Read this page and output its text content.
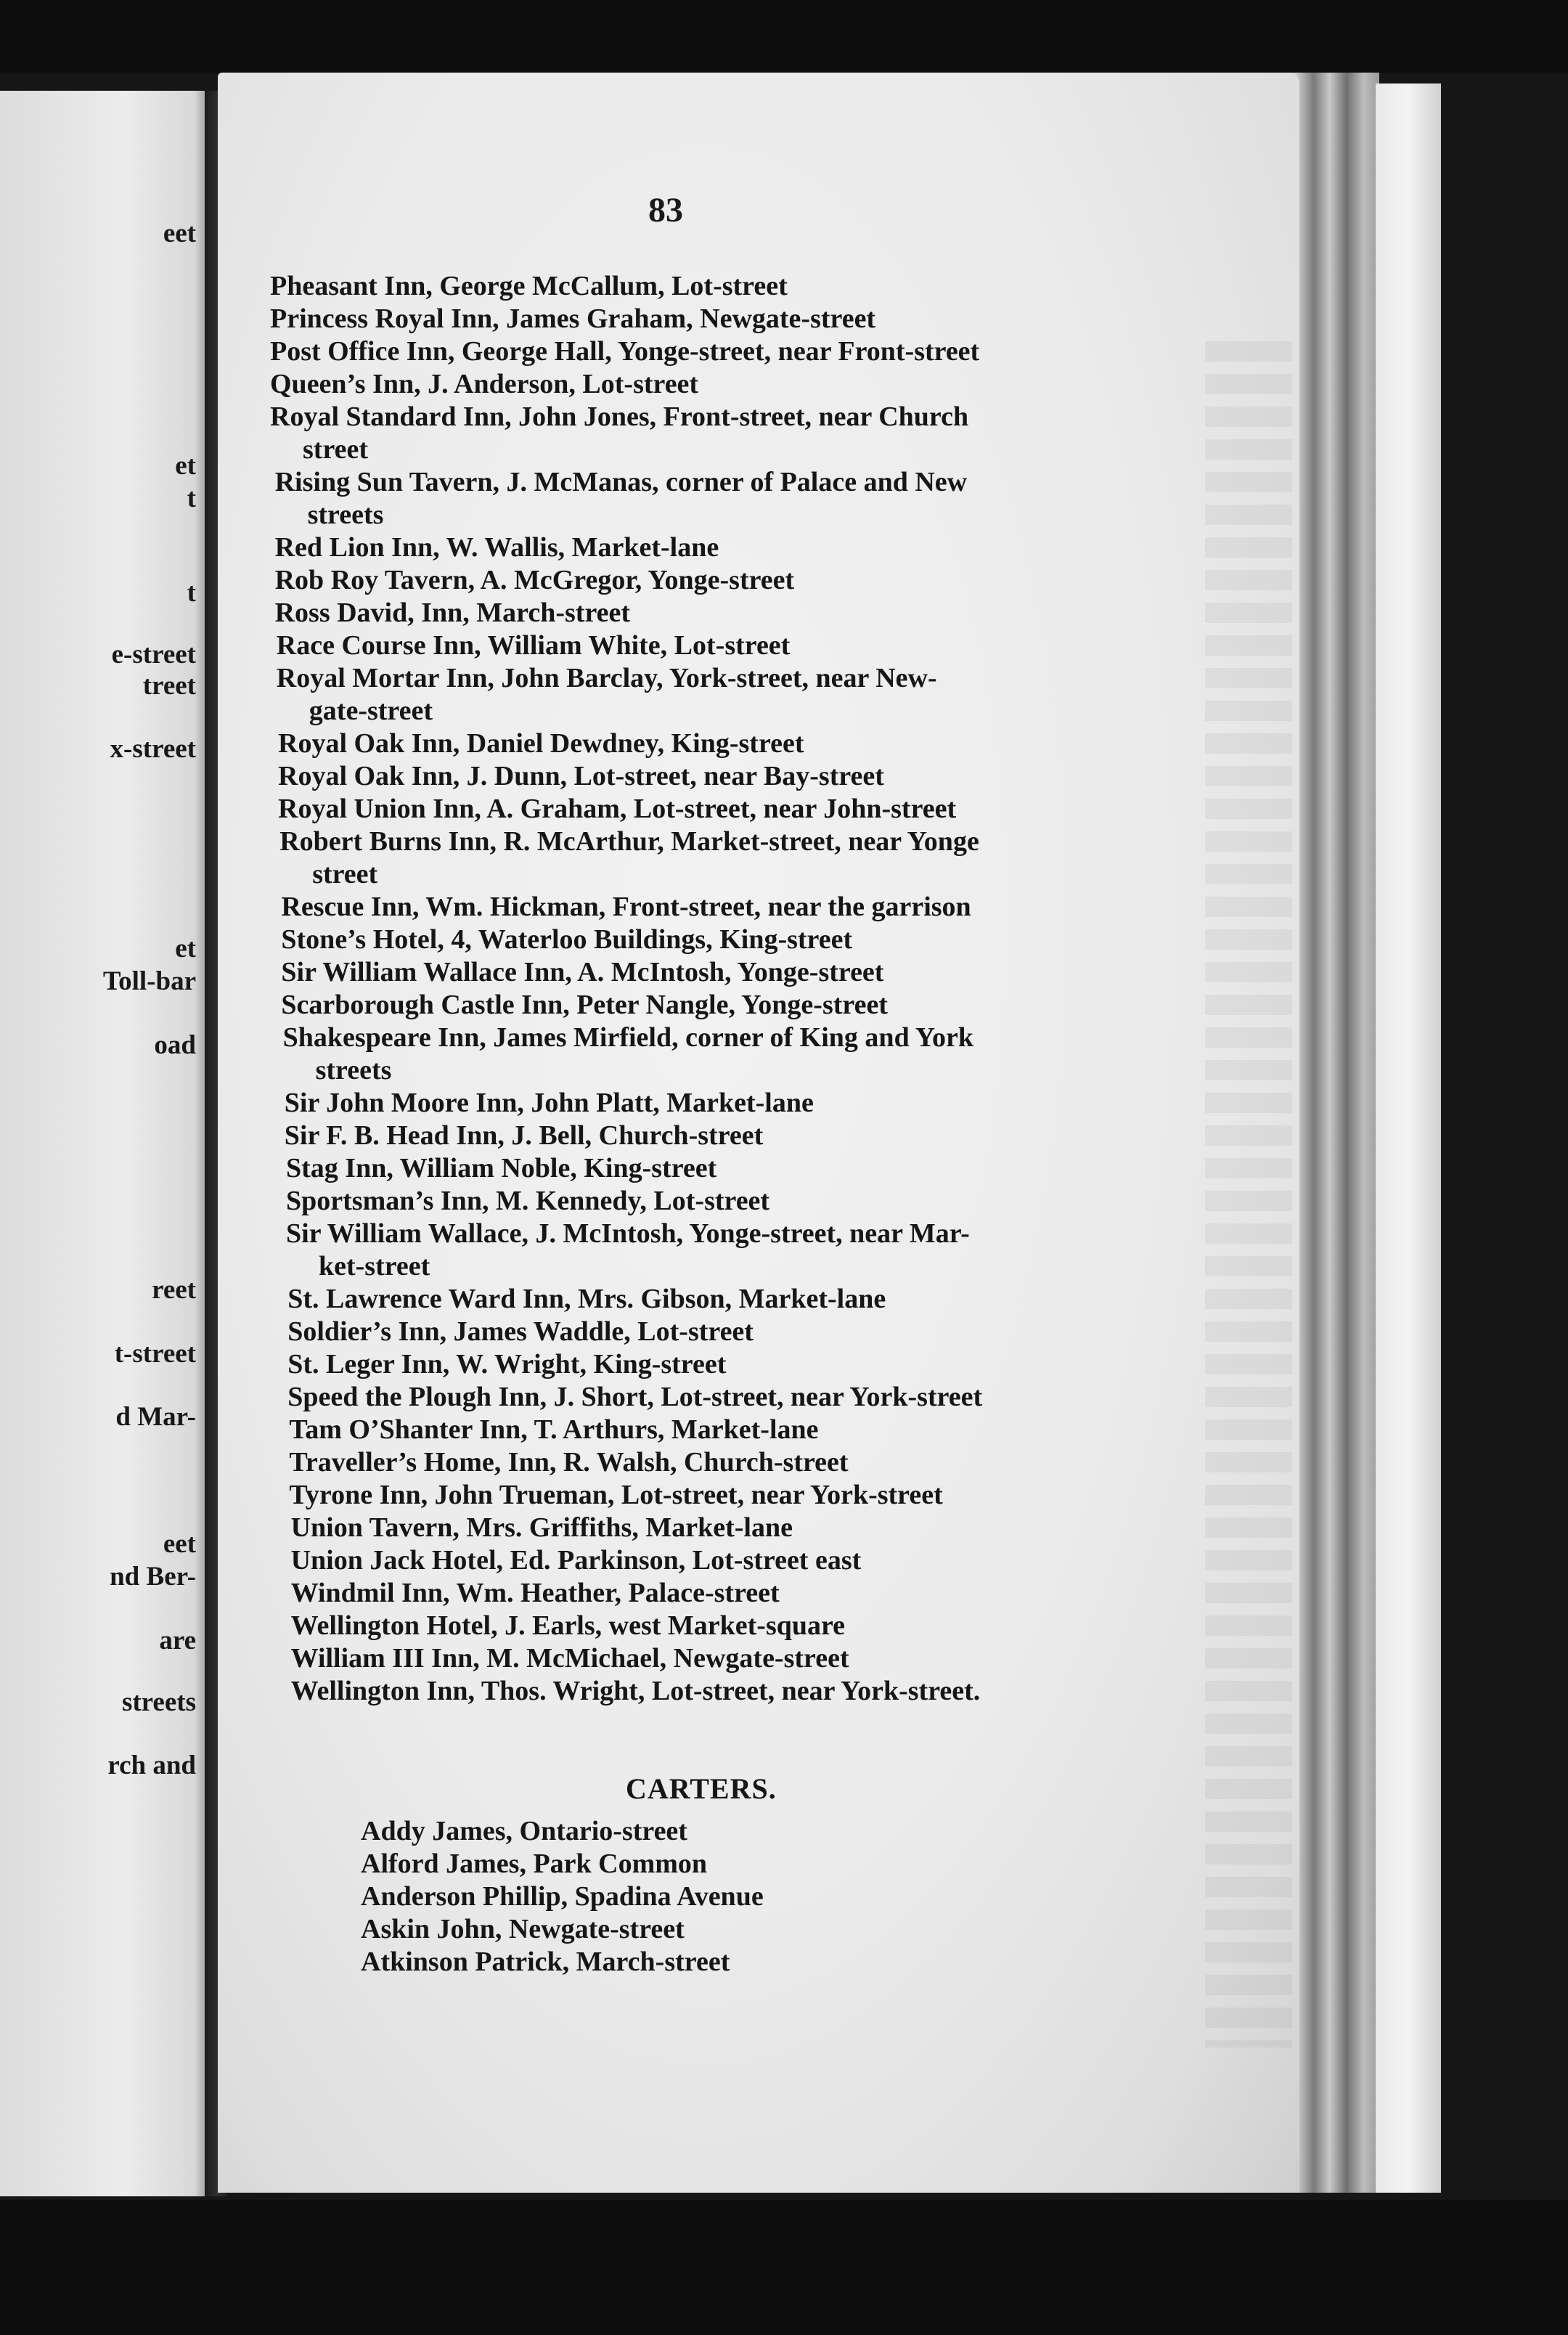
eet
et
t
t
e-street
treet
x-street
et
Toll-bar
oad
reet
t-street
d Mar-
eet
nd Ber-
are
streets
rch and
83
Pheasant Inn, George McCallum, Lot-street
Princess Royal Inn, James Graham, Newgate-street
Post Office Inn, George Hall, Yonge-street, near Front-street
Queen’s Inn, J. Anderson, Lot-street
Royal Standard Inn, John Jones, Front-street, near Church
street
Rising Sun Tavern, J. McManas, corner of Palace and New
streets
Red Lion Inn, W. Wallis, Market-lane
Rob Roy Tavern, A. McGregor, Yonge-street
Ross David, Inn, March-street
Race Course Inn, William White, Lot-street
Royal Mortar Inn, John Barclay, York-street, near New-
gate-street
Royal Oak Inn, Daniel Dewdney, King-street
Royal Oak Inn, J. Dunn, Lot-street, near Bay-street
Royal Union Inn, A. Graham, Lot-street, near John-street
Robert Burns Inn, R. McArthur, Market-street, near Yonge
street
Rescue Inn, Wm. Hickman, Front-street, near the garrison
Stone’s Hotel, 4, Waterloo Buildings, King-street
Sir William Wallace Inn, A. McIntosh, Yonge-street
Scarborough Castle Inn, Peter Nangle, Yonge-street
Shakespeare Inn, James Mirfield, corner of King and York
streets
Sir John Moore Inn, John Platt, Market-lane
Sir F. B. Head Inn, J. Bell, Church-street
Stag Inn, William Noble, King-street
Sportsman’s Inn, M. Kennedy, Lot-street
Sir William Wallace, J. McIntosh, Yonge-street, near Mar-
ket-street
St. Lawrence Ward Inn, Mrs. Gibson, Market-lane
Soldier’s Inn, James Waddle, Lot-street
St. Leger Inn, W. Wright, King-street
Speed the Plough Inn, J. Short, Lot-street, near York-street
Tam O’Shanter Inn, T. Arthurs, Market-lane
Traveller’s Home, Inn, R. Walsh, Church-street
Tyrone Inn, John Trueman, Lot-street, near York-street
Union Tavern, Mrs. Griffiths, Market-lane
Union Jack Hotel, Ed. Parkinson, Lot-street east
Windmil Inn, Wm. Heather, Palace-street
Wellington Hotel, J. Earls, west Market-square
William III Inn, M. McMichael, Newgate-street
Wellington Inn, Thos. Wright, Lot-street, near York-street.
CARTERS.
Addy James, Ontario-street
Alford James, Park Common
Anderson Phillip, Spadina Avenue
Askin John, Newgate-street
Atkinson Patrick, March-street
